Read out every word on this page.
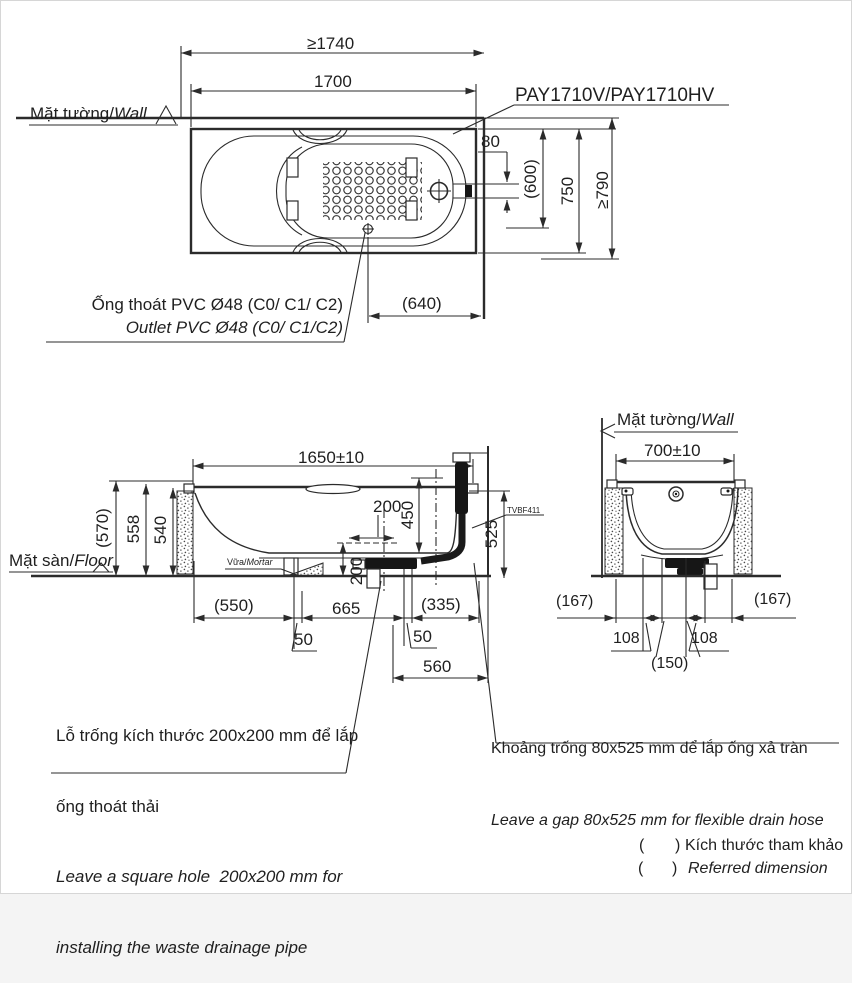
≥1740
1700
Mặt tường/Wall
PAY1710V/PAY1710HV
80
(600) 750 ≥790
(640)
Ống thoát PVC Ø48 (C0/ C1/ C2)
Outlet PVC Ø48 (C0/ C1/C2)
1650±10
Mặt sàn/Floor
(570) 558 540
Vữa/Mortar
200
450
200
525
TVBF411
(550)	665	(335)
50	50
560
Mặt tường/Wall
700±10
(167)
108
(150)
108
(167)

Lỗ trống kích thước 200x200 mm để lắp

ống thoát thải

Leave a square hole  200x200 mm for

installing the waste drainage pipe

Khoảng trống 80x525 mm để lắp ống xả tràn

Leave a gap 80x525 mm for flexible drain hose

( ) Kích thước tham khảo
( ) Referred dimension
